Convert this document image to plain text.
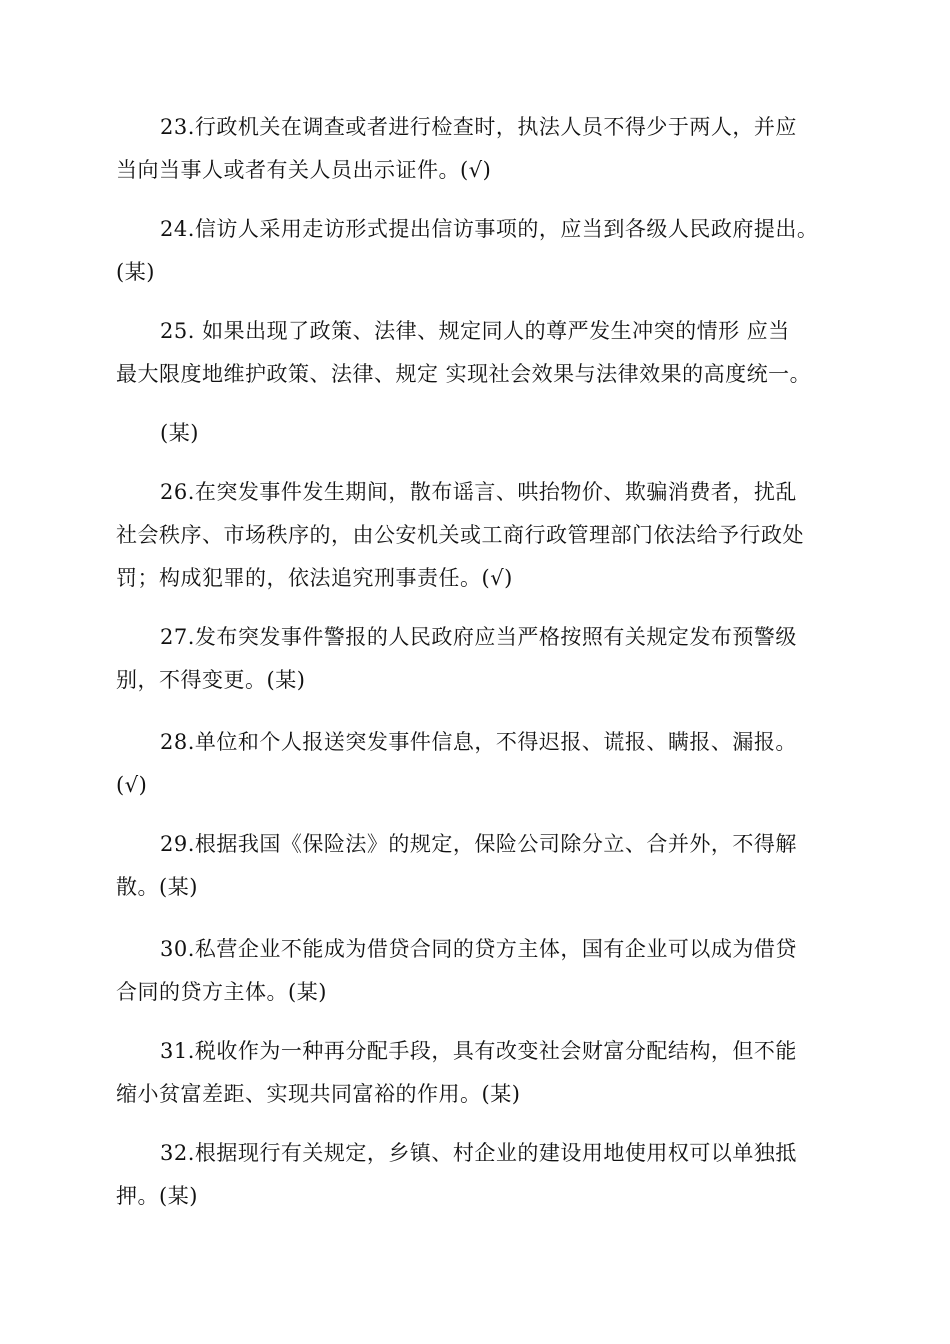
23.行政机关在调查或者进行检查时，执法人员不得少于两人，并应
当向当事人或者有关人员出示证件。(√)
24.信访人采用走访形式提出信访事项的，应当到各级人民政府提出。
(某)
25. 如果出现了政策、法律、规定同人的尊严发生冲突的情形 应当
最大限度地维护政策、法律、规定 实现社会效果与法律效果的高度统一。
(某)
26.在突发事件发生期间，散布谣言、哄抬物价、欺骗消费者，扰乱
社会秩序、市场秩序的，由公安机关或工商行政管理部门依法给予行政处
罚；构成犯罪的，依法追究刑事责任。(√)
27.发布突发事件警报的人民政府应当严格按照有关规定发布预警级
别，不得变更。(某)
28.单位和个人报送突发事件信息，不得迟报、谎报、瞒报、漏报。
(√)
29.根据我国《保险法》的规定，保险公司除分立、合并外，不得解
散。(某)
30.私营企业不能成为借贷合同的贷方主体，国有企业可以成为借贷
合同的贷方主体。(某)
31.税收作为一种再分配手段，具有改变社会财富分配结构，但不能
缩小贫富差距、实现共同富裕的作用。(某)
32.根据现行有关规定，乡镇、村企业的建设用地使用权可以单独抵
押。(某)
